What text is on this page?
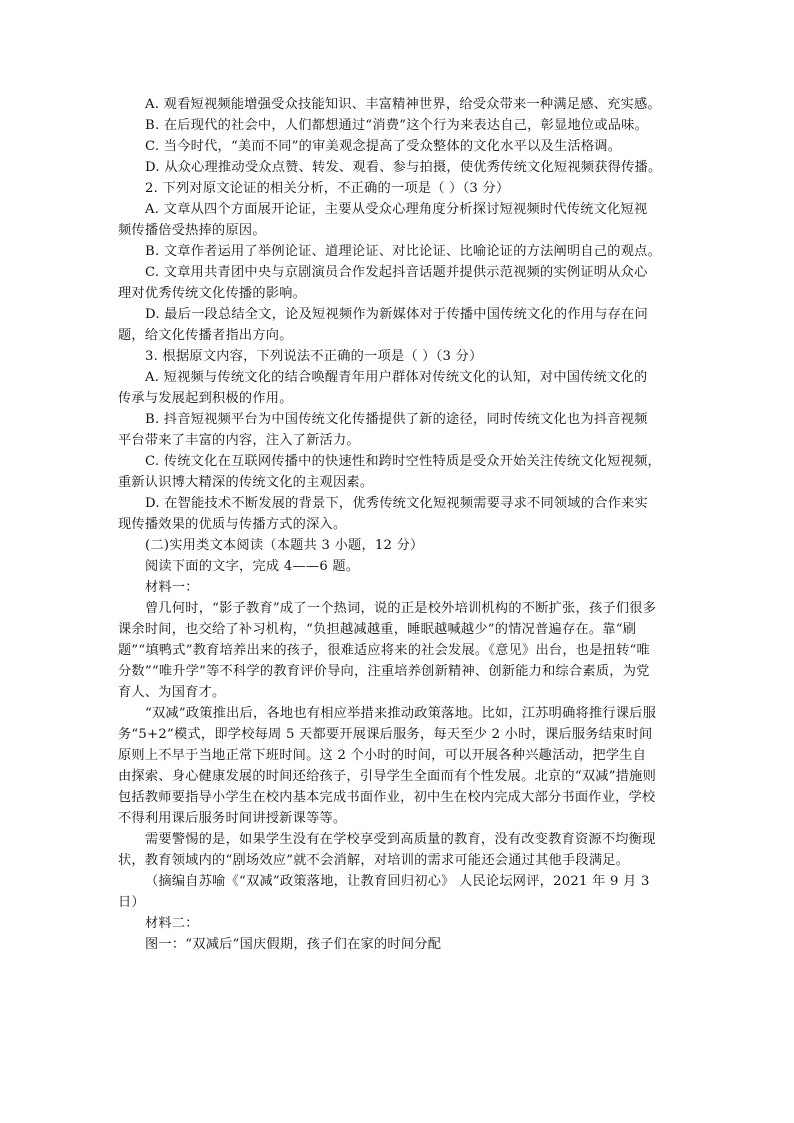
A. 观看短视频能增强受众技能知识、丰富精神世界，给受众带来一种满足感、充实感。
B. 在后现代的社会中，人们都想通过“消费”这个行为来表达自己，彰显地位或品味。
C. 当今时代，“美而不同”的审美观念提高了受众整体的文化水平以及生活格调。
D. 从众心理推动受众点赞、转发、观看、参与拍摄，使优秀传统文化短视频获得传播。
2. 下列对原文论证的相关分析，不正确的一项是（ ）（3 分）
A. 文章从四个方面展开论证，主要从受众心理角度分析探讨短视频时代传统文化短视
频传播倍受热捧的原因。
B. 文章作者运用了举例论证、道理论证、对比论证、比喻论证的方法阐明自己的观点。
C. 文章用共青团中央与京剧演员合作发起抖音话题并提供示范视频的实例证明从众心
理对优秀传统文化传播的影响。
D. 最后一段总结全文，论及短视频作为新媒体对于传播中国传统文化的作用与存在问
题，给文化传播者指出方向。
3. 根据原文内容，下列说法不正确的一项是（ ）（3 分）
A. 短视频与传统文化的结合唤醒青年用户群体对传统文化的认知，对中国传统文化的
传承与发展起到积极的作用。
B. 抖音短视频平台为中国传统文化传播提供了新的途径，同时传统文化也为抖音视频
平台带来了丰富的内容，注入了新活力。
C. 传统文化在互联网传播中的快速性和跨时空性特质是受众开始关注传统文化短视频，
重新认识博大精深的传统文化的主观因素。
D. 在智能技术不断发展的背景下，优秀传统文化短视频需要寻求不同领域的合作来实
现传播效果的优质与传播方式的深入。
(二)实用类文本阅读（本题共 3 小题，12 分）
阅读下面的文字，完成 4——6 题。
材料一：
曾几何时，“影子教育”成了一个热词，说的正是校外培训机构的不断扩张，孩子们很多
课余时间，也交给了补习机构，“负担越减越重，睡眠越喊越少”的情况普遍存在。靠“刷
题”“填鸭式”教育培养出来的孩子，很难适应将来的社会发展。《意见》出台，也是扭转“唯
分数”“唯升学”等不科学的教育评价导向，注重培养创新精神、创新能力和综合素质，为党
育人、为国育才。
“双减”政策推出后，各地也有相应举措来推动政策落地。比如，江苏明确将推行课后服
务“5+2”模式，即学校每周 5 天都要开展课后服务，每天至少 2 小时，课后服务结束时间
原则上不早于当地正常下班时间。这 2 个小时的时间，可以开展各种兴趣活动，把学生自
由探索、身心健康发展的时间还给孩子，引导学生全面而有个性发展。北京的“双减”措施则
包括教师要指导小学生在校内基本完成书面作业，初中生在校内完成大部分书面作业，学校
不得利用课后服务时间讲授新课等等。
需要警惕的是，如果学生没有在学校享受到高质量的教育，没有改变教育资源不均衡现
状，教育领域内的“剧场效应”就不会消解，对培训的需求可能还会通过其他手段满足。
（摘编自苏喻《“双减”政策落地，让教育回归初心》 人民论坛网评，2021 年 9 月 3
日）
材料二：
图一：“双减后”国庆假期，孩子们在家的时间分配
